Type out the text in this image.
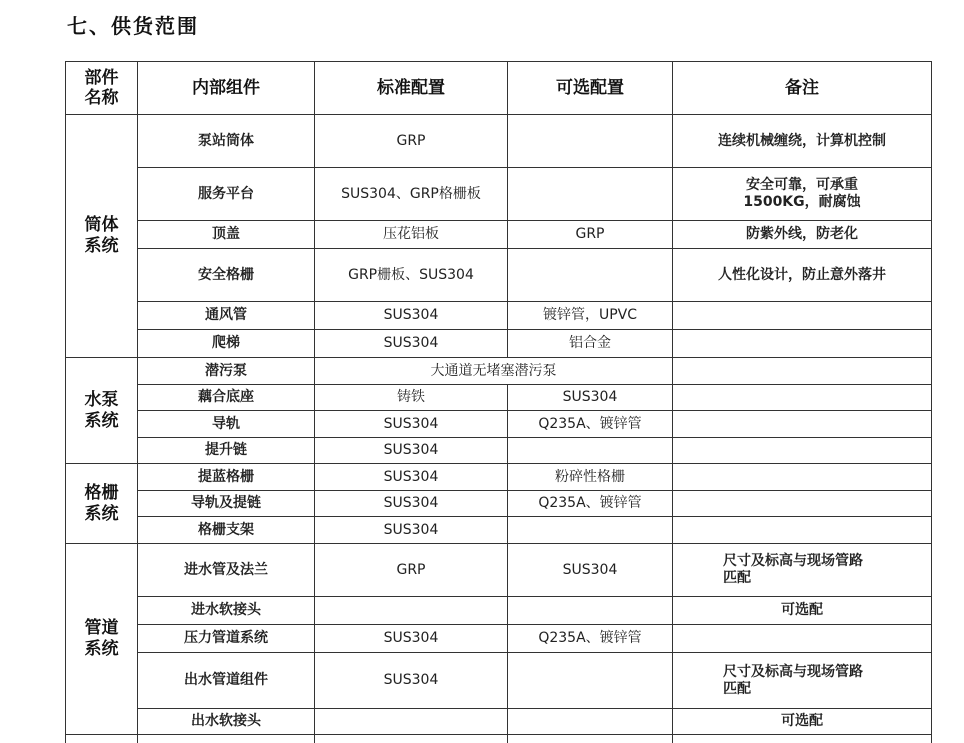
七、供货范围
部件
名称	内部组件	标准配置	可选配置	备注

筒体
系统	泵站筒体	GRP		连续机械缠绕，计算机控制
	服务平台	SUS304、GRP格栅板		安全可靠，可承重
1500KG，耐腐蚀

	顶盖	压花铝板	GRP	防紫外线，防老化
	安全格栅	GRP栅板、SUS304		人性化设计，防止意外落井
	通风管	SUS304	镀锌管，UPVC	
	爬梯	SUS304	铝合金	

水泵
系统	潜污泵	大通道无堵塞潜污泵		
	藕合底座	铸铁	SUS304	
	导轨	SUS304	Q235A、镀锌管	
	提升链	SUS304		

格栅
系统	提蓝格栅	SUS304	粉碎性格栅	
	导轨及提链	SUS304	Q235A、镀锌管	
	格栅支架	SUS304		

管道
系统	进水管及法兰	GRP	SUS304	尺寸及标高与现场管路
匹配

	进水软接头			可选配
	压力管道系统	SUS304	Q235A、镀锌管	
	出水管道组件	SUS304		尺寸及标高与现场管路
匹配

	出水软接头			可选配
